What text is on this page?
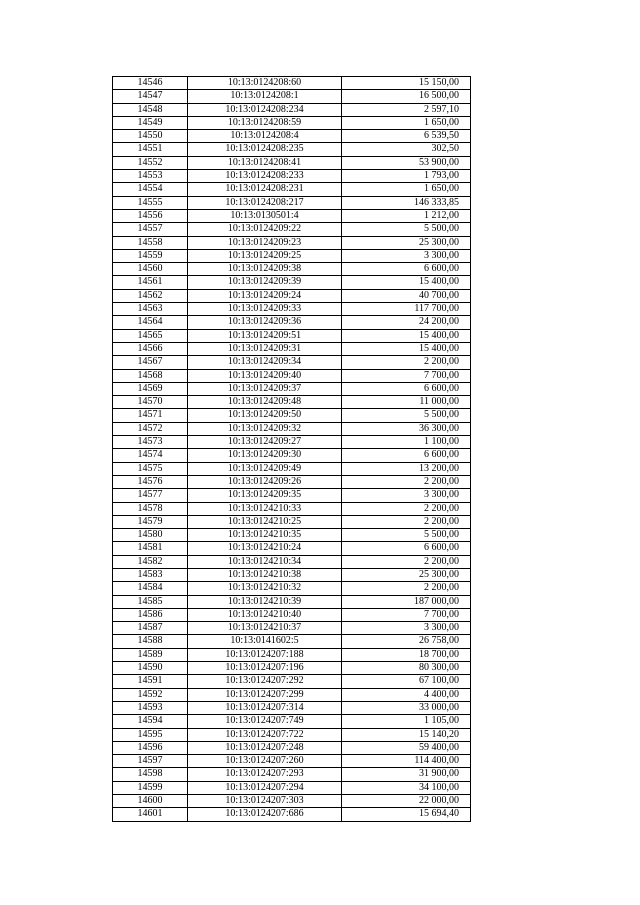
14546	10:13:0124208:60	15 150,00
14547	10:13:0124208:1	16 500,00
14548	10:13:0124208:234	2 597,10
14549	10:13:0124208:59	1 650,00
14550	10:13:0124208:4	6 539,50
14551	10:13:0124208:235	302,50
14552	10:13:0124208:41	53 900,00
14553	10:13:0124208:233	1 793,00
14554	10:13:0124208:231	1 650,00
14555	10:13:0124208:217	146 333,85
14556	10:13:0130501:4	1 212,00
14557	10:13:0124209:22	5 500,00
14558	10:13:0124209:23	25 300,00
14559	10:13:0124209:25	3 300,00
14560	10:13:0124209:38	6 600,00
14561	10:13:0124209:39	15 400,00
14562	10:13:0124209:24	40 700,00
14563	10:13:0124209:33	117 700,00
14564	10:13:0124209:36	24 200,00
14565	10:13:0124209:51	15 400,00
14566	10:13:0124209:31	15 400,00
14567	10:13:0124209:34	2 200,00
14568	10:13:0124209:40	7 700,00
14569	10:13:0124209:37	6 600,00
14570	10:13:0124209:48	11 000,00
14571	10:13:0124209:50	5 500,00
14572	10:13:0124209:32	36 300,00
14573	10:13:0124209:27	1 100,00
14574	10:13:0124209:30	6 600,00
14575	10:13:0124209:49	13 200,00
14576	10:13:0124209:26	2 200,00
14577	10:13:0124209:35	3 300,00
14578	10:13:0124210:33	2 200,00
14579	10:13:0124210:25	2 200,00
14580	10:13:0124210:35	5 500,00
14581	10:13:0124210:24	6 600,00
14582	10:13:0124210:34	2 200,00
14583	10:13:0124210:38	25 300,00
14584	10:13:0124210:32	2 200,00
14585	10:13:0124210:39	187 000,00
14586	10:13:0124210:40	7 700,00
14587	10:13:0124210:37	3 300,00
14588	10:13:0141602:5	26 758,00
14589	10:13:0124207:188	18 700,00
14590	10:13:0124207:196	80 300,00
14591	10:13:0124207:292	67 100,00
14592	10:13:0124207:299	4 400,00
14593	10:13:0124207:314	33 000,00
14594	10:13:0124207:749	1 105,00
14595	10:13:0124207:722	15 140,20
14596	10:13:0124207:248	59 400,00
14597	10:13:0124207:260	114 400,00
14598	10:13:0124207:293	31 900,00
14599	10:13:0124207:294	34 100,00
14600	10:13:0124207:303	22 000,00
14601	10:13:0124207:686	15 694,40
